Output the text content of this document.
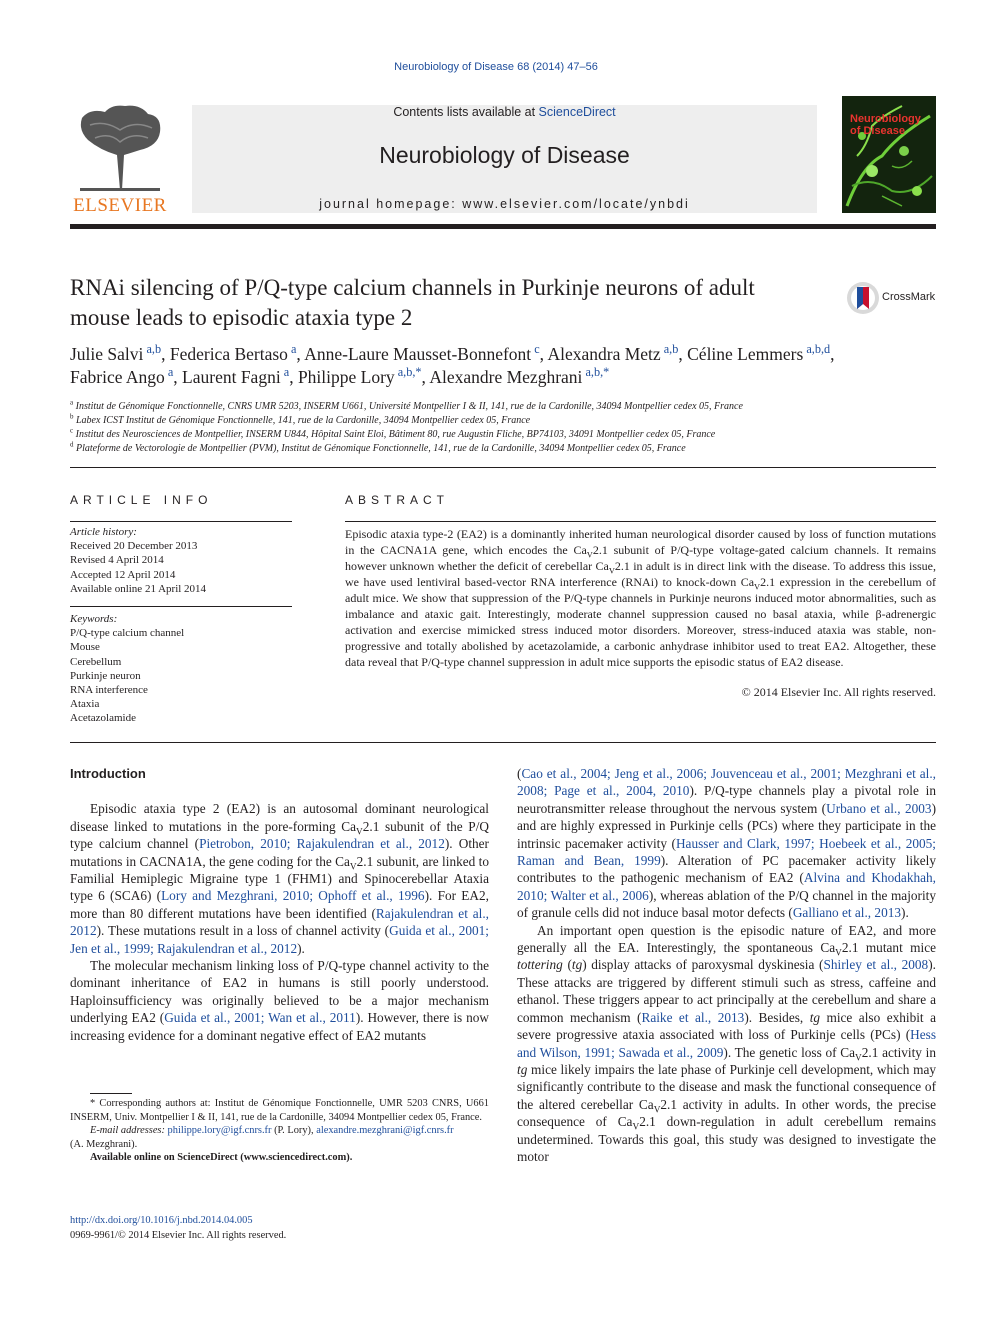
Neurobiology of Disease 68 (2014) 47–56
ELSEVIER
Contents lists available at ScienceDirect
Neurobiology of Disease
journal homepage: www.elsevier.com/locate/ynbdi
Neurobiology of Disease
RNAi silencing of P/Q-type calcium channels in Purkinje neurons of adult mouse leads to episodic ataxia type 2
CrossMark
Julie Salvi $^{a,b}$, Federica Bertaso $^a$, Anne-Laure Mausset-Bonnefont $^c$, Alexandra Metz $^{a,b}$, Céline Lemmers $^{a,b,d}$,
Fabrice Ango $^a$, Laurent Fagni $^a$, Philippe Lory $^{a,b,*}$, Alexandre Mezghrani $^{a,b,*}$
$^a$ Institut de Génomique Fonctionnelle, CNRS UMR 5203, INSERM U661, Université Montpellier I & II, 141, rue de la Cardonille, 34094 Montpellier cedex 05, France
$^b$ Labex ICST Institut de Génomique Fonctionnelle, 141, rue de la Cardonille, 34094 Montpellier cedex 05, France
$^c$ Institut des Neurosciences de Montpellier, INSERM U844, Hôpital Saint Eloi, Bâtiment 80, rue Augustin Fliche, BP74103, 34091 Montpellier cedex 05, France
$^d$ Plateforme de Vectorologie de Montpellier (PVM), Institut de Génomique Fonctionnelle, 141, rue de la Cardonille, 34094 Montpellier cedex 05, France
ARTICLE INFO	ABSTRACT
Article history:
Received 20 December 2013
Revised 4 April 2014
Accepted 12 April 2014
Available online 21 April 2014
Keywords:
P/Q-type calcium channel
Mouse
Cerebellum
Purkinje neuron
RNA interference
Ataxia
Acetazolamide
Episodic ataxia type-2 (EA2) is a dominantly inherited human neurological disorder caused by loss of function mutations in the CACNA1A gene, which encodes the $Ca_V2.1$ subunit of P/Q-type voltage-gated calcium channels. It remains however unknown whether the deficit of cerebellar $Ca_V2.1$ in adult is in direct link with the disease. To address this issue, we have used lentiviral based-vector RNA interference (RNAi) to knock-down $Ca_V2.1$ expression in the cerebellum of adult mice. We show that suppression of the P/Q-type channels in Purkinje neurons induced motor abnormalities, such as imbalance and ataxic gait. Interestingly, moderate channel suppression caused no basal ataxia, while β-adrenergic activation and exercise mimicked stress induced motor disorders. Moreover, stress-induced ataxia was stable, non-progressive and totally abolished by acetazolamide, a carbonic anhydrase inhibitor used to treat EA2. Altogether, these data reveal that P/Q-type channel suppression in adult mice supports the episodic status of EA2 disease.
© 2014 Elsevier Inc. All rights reserved.
Introduction

Episodic ataxia type 2 (EA2) is an autosomal dominant neurological disease linked to mutations in the pore-forming $Ca_V2.1$ subunit of the P/Q type calcium channel (Pietrobon, 2010; Rajakulendran et al., 2012). Other mutations in CACNA1A, the gene coding for the $Ca_V2.1$ subunit, are linked to Familial Hemiplegic Migraine type 1 (FHM1) and Spinocerebellar Ataxia type 6 (SCA6) (Lory and Mezghrani, 2010; Ophoff et al., 1996). For EA2, more than 80 different mutations have been identified (Rajakulendran et al., 2012). These mutations result in a loss of channel activity (Guida et al., 2001; Jen et al., 1999; Rajakulendran et al., 2012).

The molecular mechanism linking loss of P/Q-type channel activity to the dominant inheritance of EA2 in humans is still poorly understood. Haploinsufficiency was originally believed to be a major mechanism underlying EA2 (Guida et al., 2001; Wan et al., 2011). However, there is now increasing evidence for a dominant negative effect of EA2 mutants

(Cao et al., 2004; Jeng et al., 2006; Jouvenceau et al., 2001; Mezghrani et al., 2008; Page et al., 2004, 2010). P/Q-type channels play a pivotal role in neurotransmitter release throughout the nervous system (Urbano et al., 2003) and are highly expressed in Purkinje cells (PCs) where they participate in the intrinsic pacemaker activity (Hausser and Clark, 1997; Hoebeek et al., 2005; Raman and Bean, 1999). Alteration of PC pacemaker activity likely contributes to the pathogenic mechanism of EA2 (Alvina and Khodakhah, 2010; Walter et al., 2006), whereas ablation of the P/Q channel in the majority of granule cells did not induce basal motor defects (Galliano et al., 2013).

An important open question is the episodic nature of EA2, and more generally all the EA. Interestingly, the spontaneous $Ca_V2.1$ mutant mice tottering (tg) display attacks of paroxysmal dyskinesia (Shirley et al., 2008). These attacks are triggered by different stimuli such as stress, caffeine and ethanol. These triggers appear to act principally at the cerebellum and share a common mechanism (Raike et al., 2013). Besides, tg mice also exhibit a severe progressive ataxia associated with loss of Purkinje cells (PCs) (Hess and Wilson, 1991; Sawada et al., 2009). The genetic loss of $Ca_V2.1$ activity in tg mice likely impairs the late phase of Purkinje cell development, which may significantly contribute to the disease and mask the functional consequence of the altered cerebellar $Ca_V2.1$ activity in adults. In other words, the precise consequence of $Ca_V2.1$ down-regulation in adult cerebellum remains undetermined. Towards this goal, this study was designed to investigate the motor

* Corresponding authors at: Institut de Génomique Fonctionnelle, UMR 5203 CNRS, U661 INSERM, Univ. Montpellier I & II, 141, rue de la Cardonille, 34094 Montpellier cedex 05, France.
E-mail addresses: philippe.lory@igf.cnrs.fr (P. Lory), alexandre.mezghrani@igf.cnrs.fr
(A. Mezghrani).
Available online on ScienceDirect (www.sciencedirect.com).
http://dx.doi.org/10.1016/j.nbd.2014.04.005
0969-9961/© 2014 Elsevier Inc. All rights reserved.
